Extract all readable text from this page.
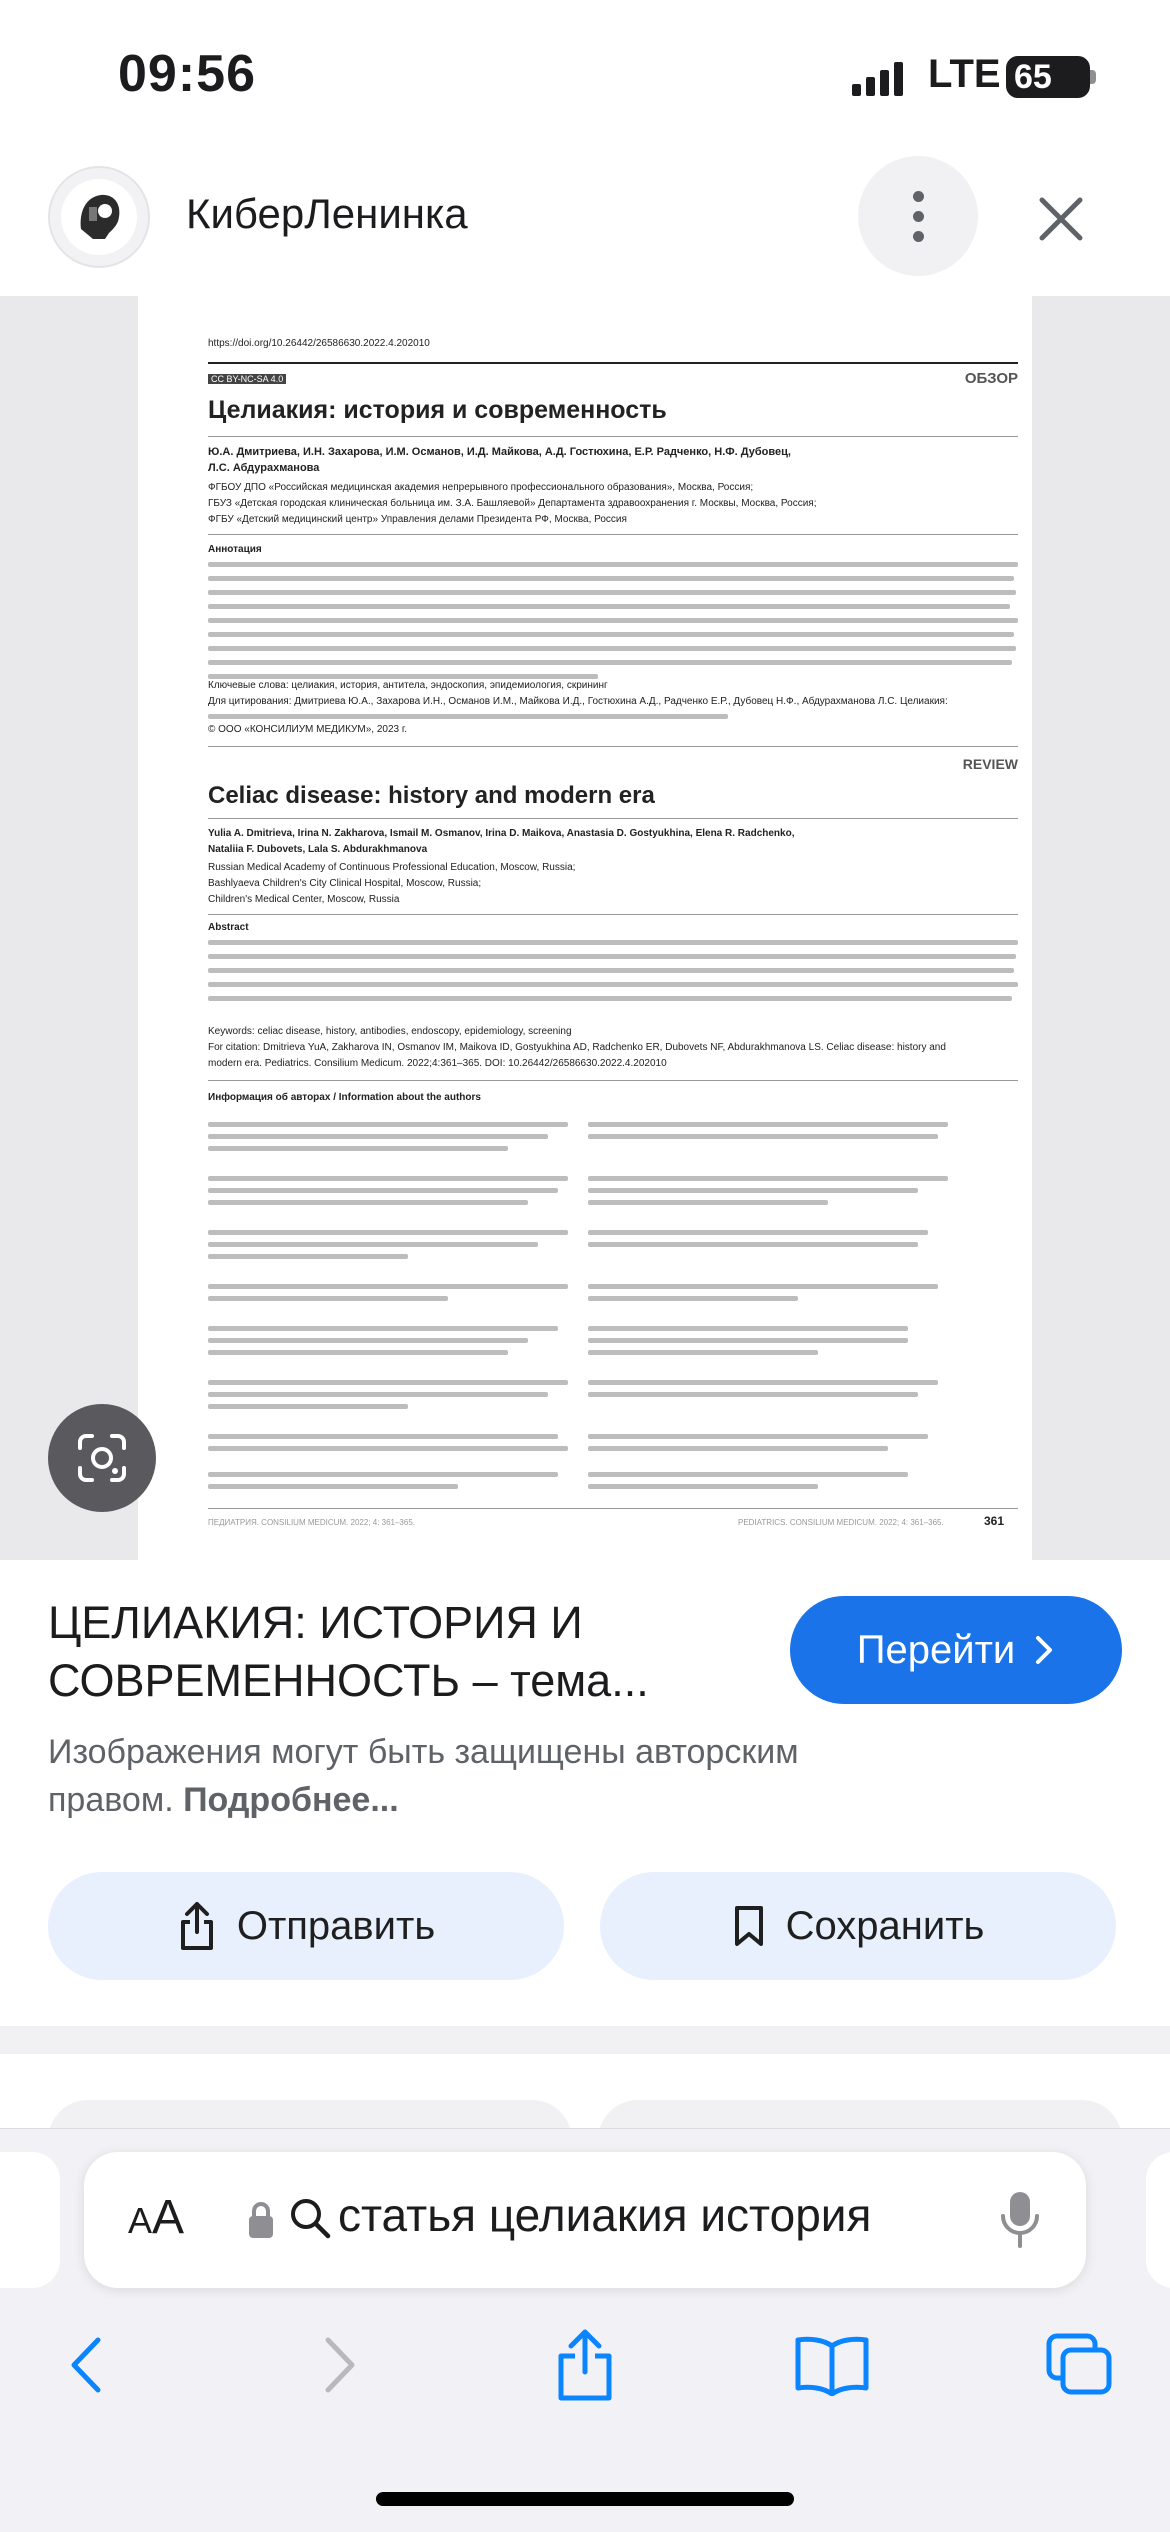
09:56	LTE 65
КиберЛенинка
https://doi.org/10.26442/26586630.2022.4.202010
CC BY-NC-SA 4.0	ОБЗОР
Целиакия: история и современность
Ю.А. Дмитриева, И.Н. Захарова, И.М. Османов, И.Д. Майкова, А.Д. Гостюхина, Е.Р. Радченко, Н.Ф. Дубовец,
Л.С. Абдурахманова
ФГБОУ ДПО «Российская медицинская академия непрерывного профессионального образования», Москва, Россия;
ГБУЗ «Детская городская клиническая больница им. З.А. Башляевой» Департамента здравоохранения г. Москвы, Москва, Россия;
ФГБУ «Детский медицинский центр» Управления делами Президента РФ, Москва, Россия
Аннотация
Ключевые слова: целиакия, история, антитела, эндоскопия, эпидемиология, скрининг
Для цитирования: Дмитриева Ю.А., Захарова И.Н., Османов И.М., Майкова И.Д., Гостюхина А.Д., Радченко Е.Р., Дубовец Н.Ф., Абдурахманова Л.С. Целиакия:
© ООО «КОНСИЛИУМ МЕДИКУМ», 2023 г.
REVIEW
Celiac disease: history and modern era
Yulia A. Dmitrieva, Irina N. Zakharova, Ismail M. Osmanov, Irina D. Maikova, Anastasia D. Gostyukhina, Elena R. Radchenko,
Nataliia F. Dubovets, Lala S. Abdurakhmanova
Russian Medical Academy of Continuous Professional Education, Moscow, Russia;
Bashlyaeva Children's City Clinical Hospital, Moscow, Russia;
Children's Medical Center, Moscow, Russia
Abstract
Keywords: celiac disease, history, antibodies, endoscopy, epidemiology, screening
For citation: Dmitrieva YuA, Zakharova IN, Osmanov IM, Maikova ID, Gostyukhina AD, Radchenko ER, Dubovets NF, Abdurakhmanova LS. Celiac disease: history and
modern era. Pediatrics. Consilium Medicum. 2022;4:361–365. DOI: 10.26442/26586630.2022.4.202010
Информация об авторах / Information about the authors
ПЕДИАТРИЯ. CONSILIUM MEDICUM. 2022; 4: 361–365.	PEDIATRICS. CONSILIUM MEDICUM. 2022; 4: 361–365.	361
ЦЕЛИАКИЯ: ИСТОРИЯ И СОВРЕМЕННОСТЬ – тема...
Перейти
Изображения могут быть защищены авторским правом. Подробнее...
Отправить	Сохранить
AA	статья целиакия история
